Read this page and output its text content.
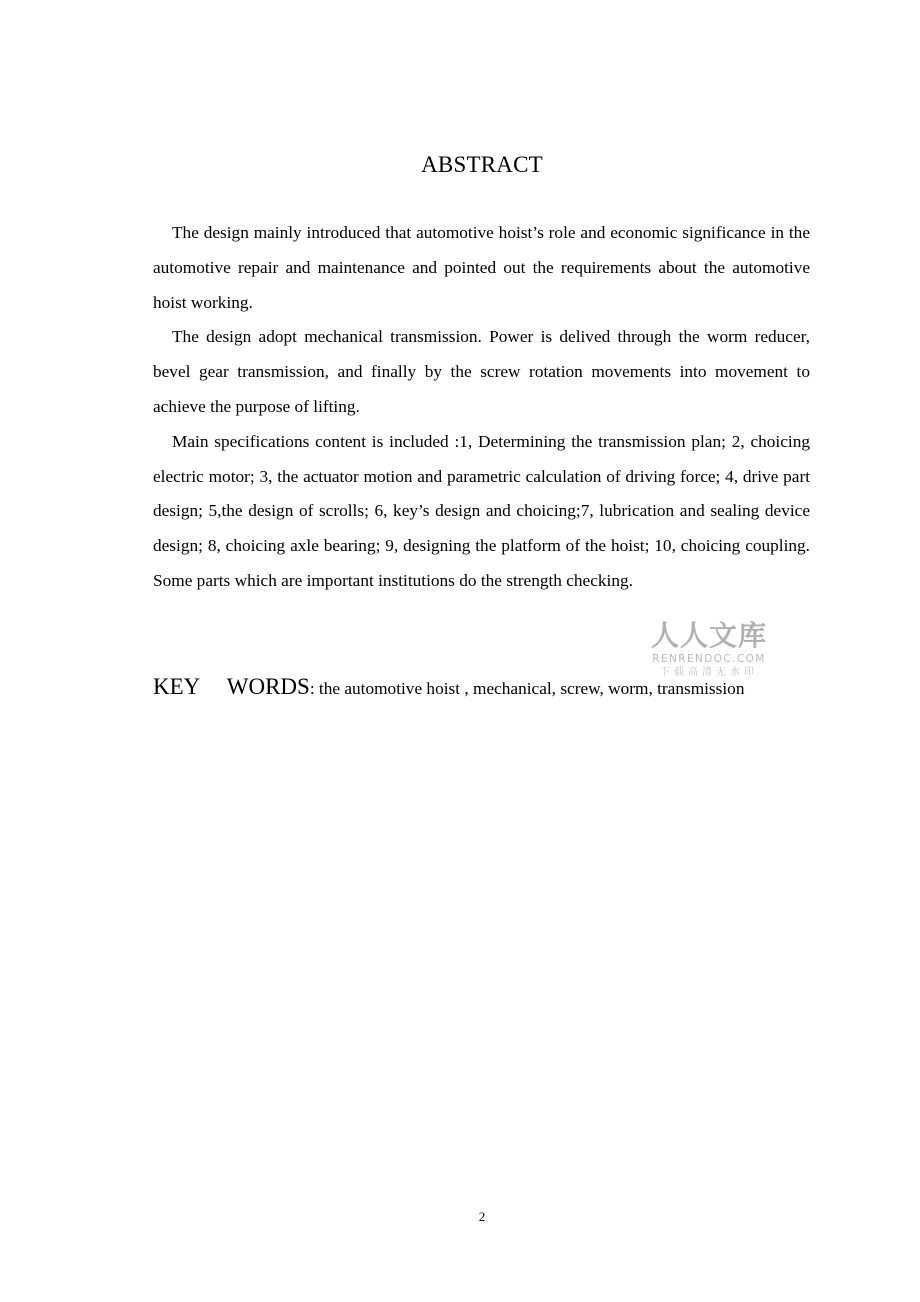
ABSTRACT

The design mainly introduced that automotive hoist’s role and economic significance in the automotive repair and maintenance and pointed out the requirements about the automotive hoist working.

The design adopt mechanical transmission. Power is delived through the worm reducer, bevel gear transmission, and finally by the screw rotation movements into movement to achieve the purpose of lifting.

Main specifications content is included :1, Determining the transmission plan; 2, choicing electric motor; 3, the actuator motion and parametric calculation of driving force; 4, drive part design; 5,the design of scrolls; 6, key’s design and choicing;7, lubrication and sealing device design; 8, choicing axle bearing; 9, designing the platform of the hoist; 10, choicing coupling. Some parts which are important institutions do the strength checking.

人人文库
RENRENDOC.COM
下载高清无水印
KEY WORDS: the automotive hoist , mechanical, screw, worm, transmission
2
